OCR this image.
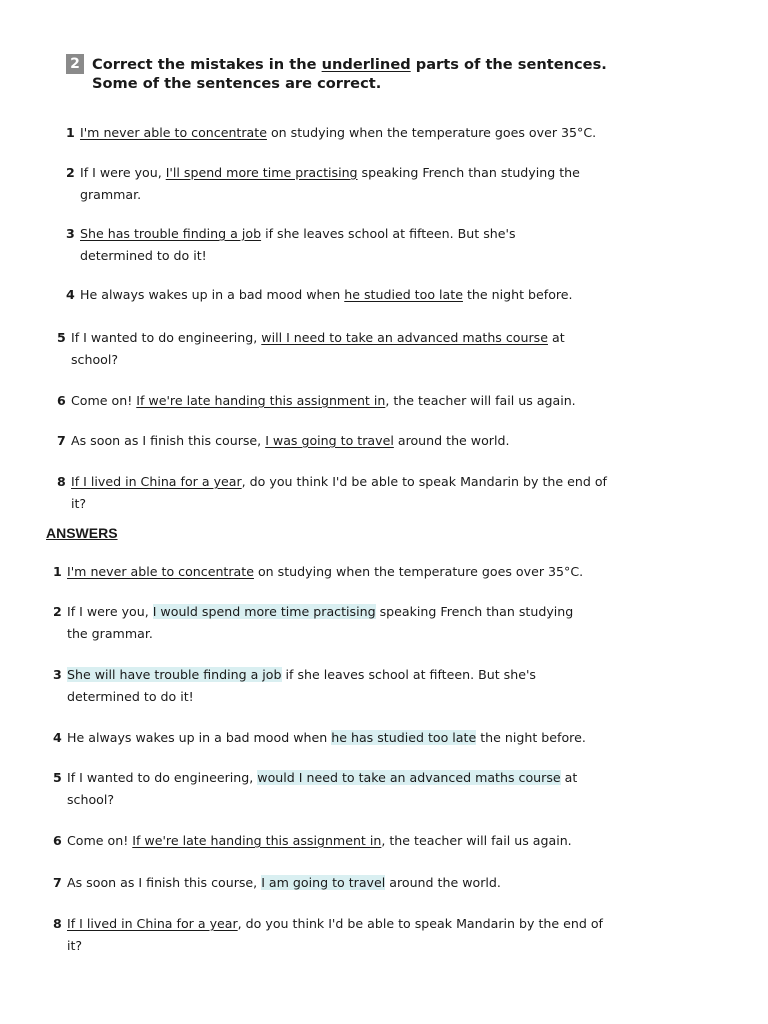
2 Correct the mistakes in the underlined parts of the sentences.
Some of the sentences are correct.

1 I'm never able to concentrate on studying when the temperature goes over 35°C.
2 If I were you, I'll spend more time practising speaking French than studying the grammar.
3 She has trouble finding a job if she leaves school at fifteen. But she's determined to do it!
4 He always wakes up in a bad mood when he studied too late the night before.
5 If I wanted to do engineering, will I need to take an advanced maths course at school?
6 Come on! If we're late handing this assignment in, the teacher will fail us again.
7 As soon as I finish this course, I was going to travel around the world.
8 If I lived in China for a year, do you think I'd be able to speak Mandarin by the end of it?
ANSWERS
1 I'm never able to concentrate on studying when the temperature goes over 35°C.
2 If I were you, I would spend more time practising speaking French than studying the grammar.
3 She will have trouble finding a job if she leaves school at fifteen. But she's determined to do it!
4 He always wakes up in a bad mood when he has studied too late the night before.
5 If I wanted to do engineering, would I need to take an advanced maths course at school?
6 Come on! If we're late handing this assignment in, the teacher will fail us again.
7 As soon as I finish this course, I am going to travel around the world.
8 If I lived in China for a year, do you think I'd be able to speak Mandarin by the end of it?
